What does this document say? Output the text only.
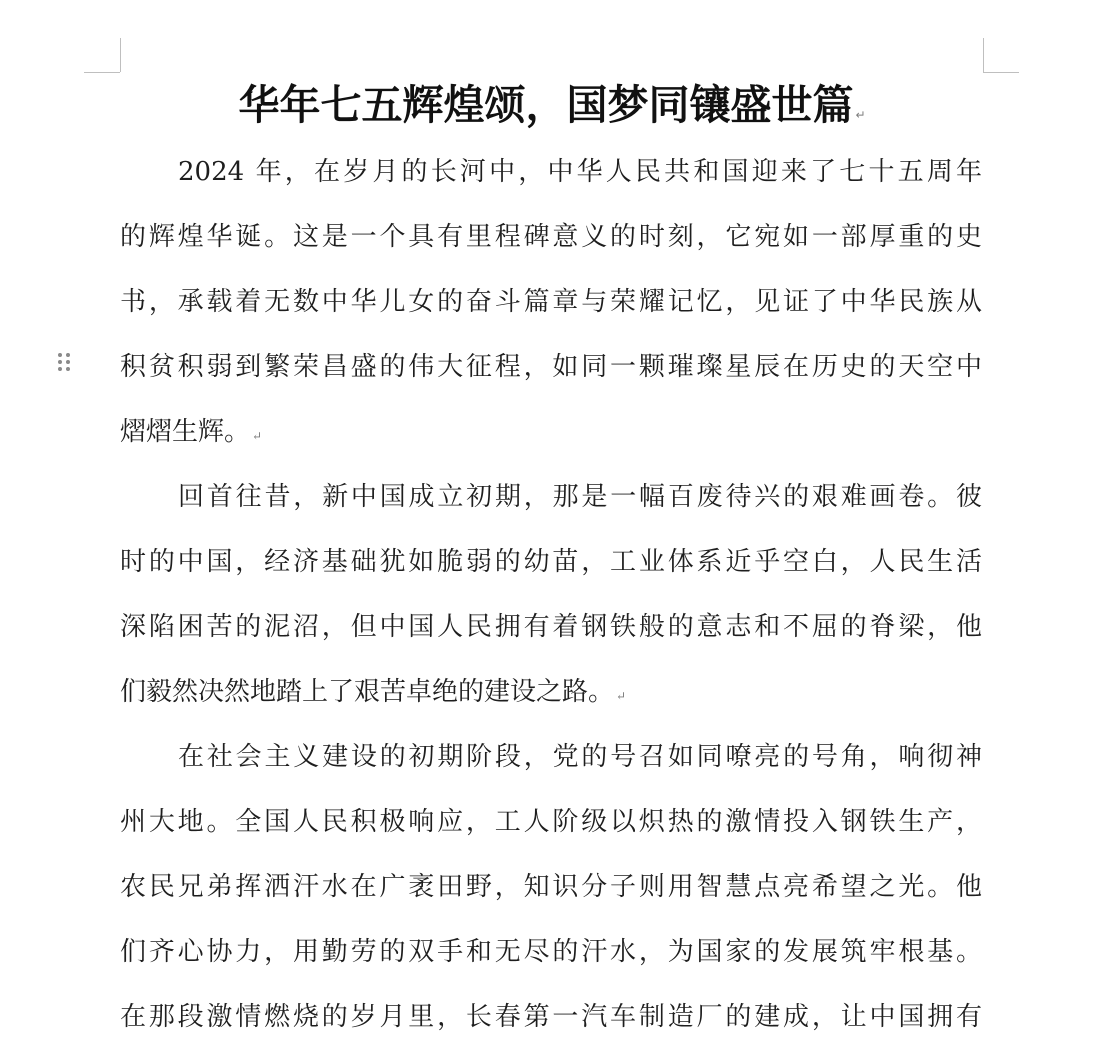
华年七五辉煌颂，国梦同镶盛世篇 ↵
2024 年，在岁月的长河中，中华人民共和国迎来了七十五周年
的辉煌华诞。这是一个具有里程碑意义的时刻，它宛如一部厚重的史
书，承载着无数中华儿女的奋斗篇章与荣耀记忆，见证了中华民族从
积贫积弱到繁荣昌盛的伟大征程，如同一颗璀璨星辰在历史的天空中
熠熠生辉。 ↵
回首往昔，新中国成立初期，那是一幅百废待兴的艰难画卷。彼
时的中国，经济基础犹如脆弱的幼苗，工业体系近乎空白，人民生活
深陷困苦的泥沼，但中国人民拥有着钢铁般的意志和不屈的脊梁，他
们毅然决然地踏上了艰苦卓绝的建设之路。 ↵
在社会主义建设的初期阶段，党的号召如同嘹亮的号角，响彻神
州大地。全国人民积极响应，工人阶级以炽热的激情投入钢铁生产，
农民兄弟挥洒汗水在广袤田野，知识分子则用智慧点亮希望之光。他
们齐心协力，用勤劳的双手和无尽的汗水，为国家的发展筑牢根基。
在那段激情燃烧的岁月里，长春第一汽车制造厂的建成，让中国拥有
